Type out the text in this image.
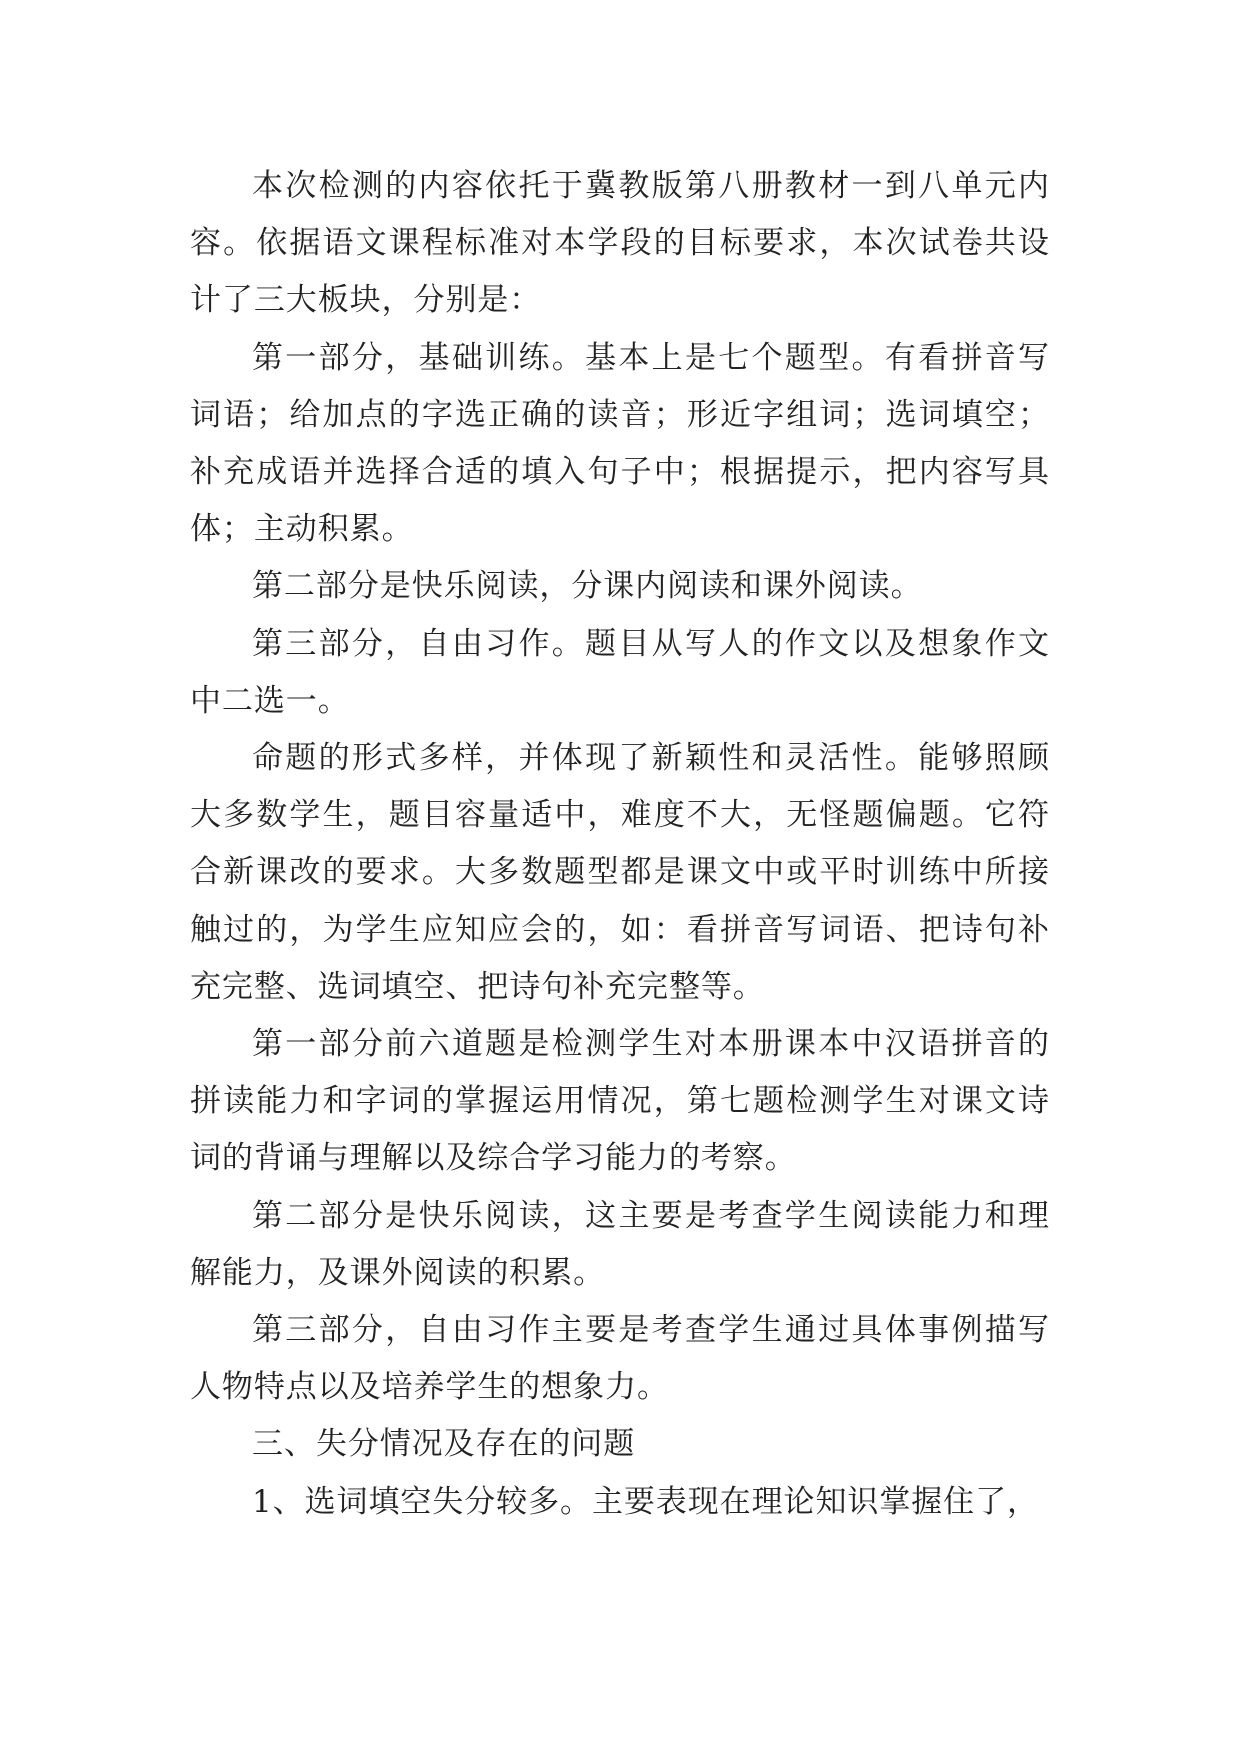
本次检测的内容依托于冀教版第八册教材一到八单元内容。依据语文课程标准对本学段的目标要求，本次试卷共设计了三大板块，分别是：

第一部分，基础训练。基本上是七个题型。有看拼音写词语；给加点的字选正确的读音；形近字组词；选词填空；补充成语并选择合适的填入句子中；根据提示，把内容写具体；主动积累。

第二部分是快乐阅读，分课内阅读和课外阅读。

第三部分，自由习作。题目从写人的作文以及想象作文中二选一。

命题的形式多样，并体现了新颖性和灵活性。能够照顾大多数学生，题目容量适中，难度不大，无怪题偏题。它符合新课改的要求。大多数题型都是课文中或平时训练中所接触过的，为学生应知应会的，如：看拼音写词语、把诗句补充完整、选词填空、把诗句补充完整等。

第一部分前六道题是检测学生对本册课本中汉语拼音的拼读能力和字词的掌握运用情况，第七题检测学生对课文诗词的背诵与理解以及综合学习能力的考察。

第二部分是快乐阅读，这主要是考查学生阅读能力和理解能力，及课外阅读的积累。

第三部分，自由习作主要是考查学生通过具体事例描写人物特点以及培养学生的想象力。

三、失分情况及存在的问题

1、选词填空失分较多。主要表现在理论知识掌握住了，
